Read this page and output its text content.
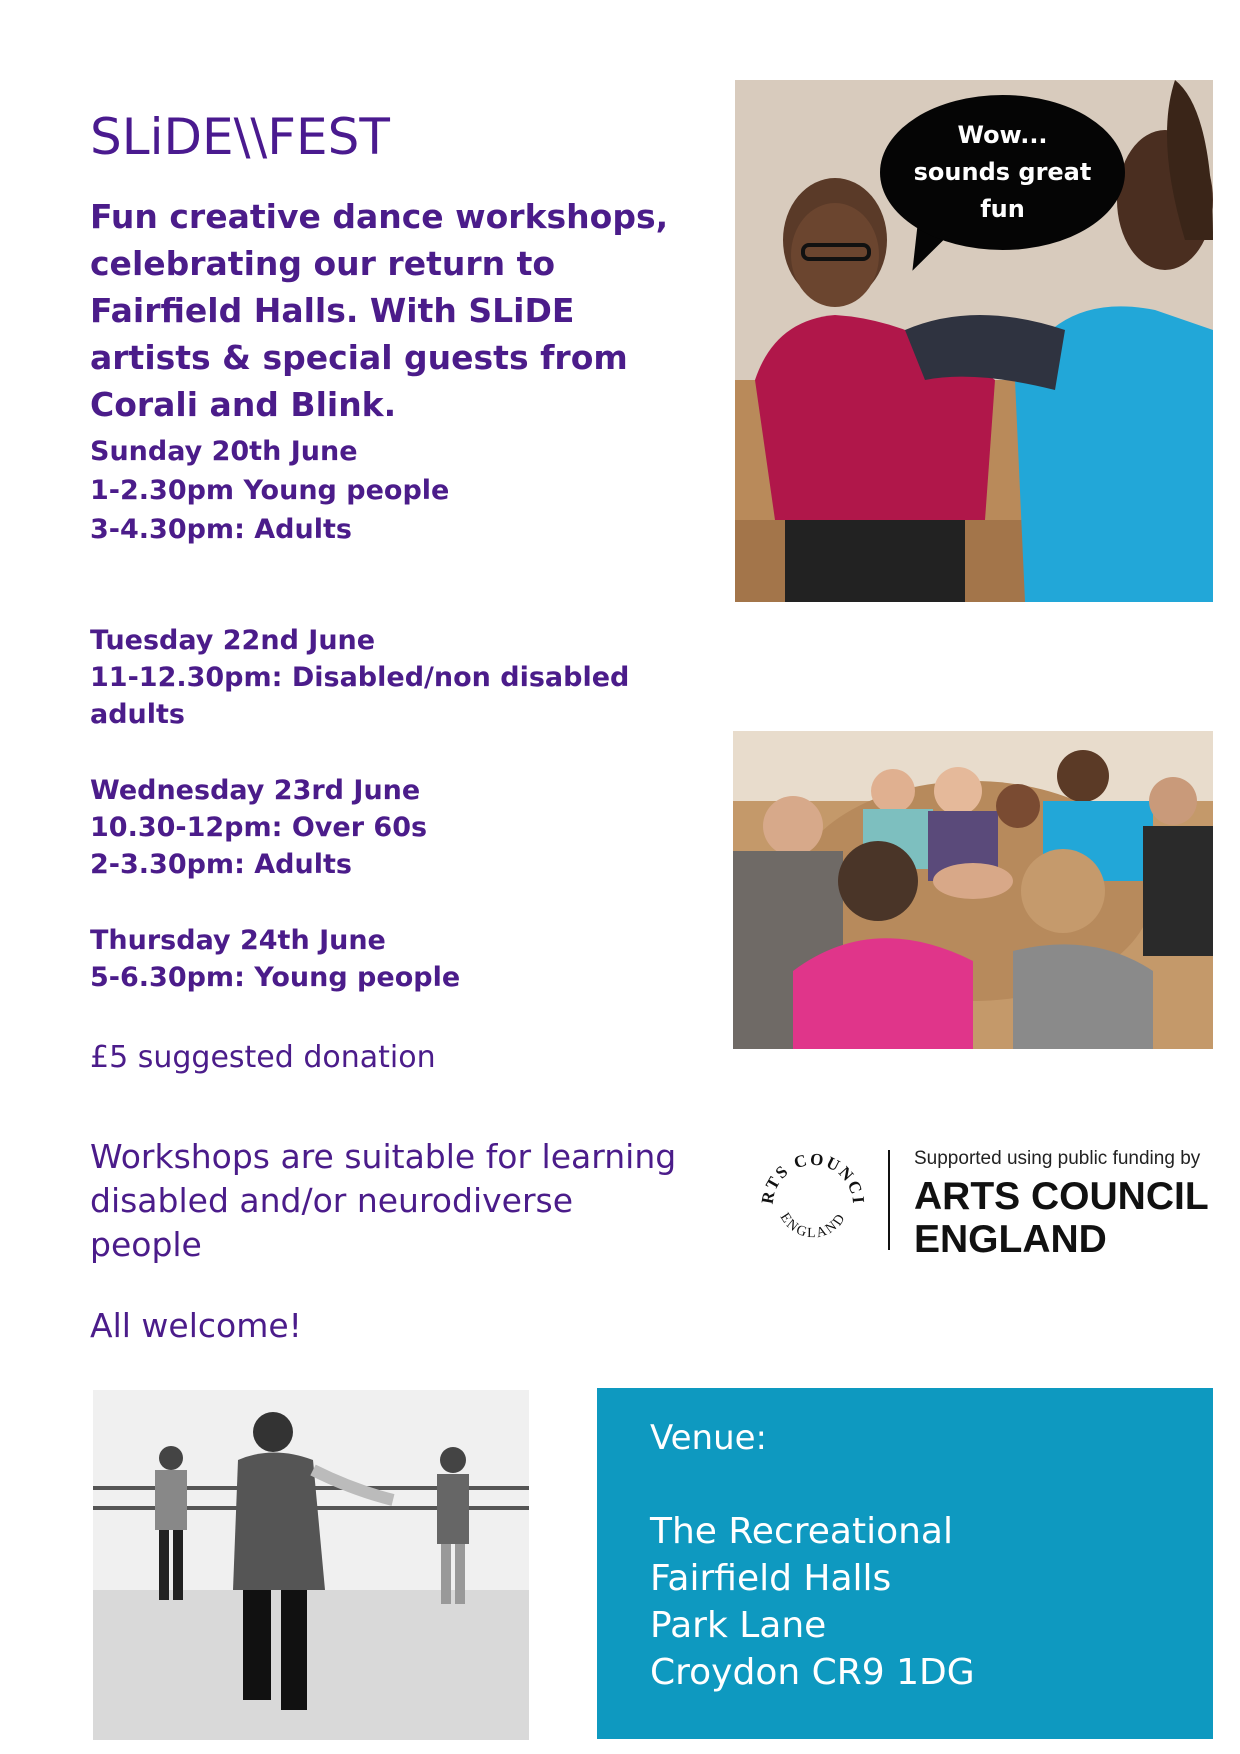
SLiDE\\FEST
Fun creative dance workshops, celebrating our return to Fairfield Halls. With SLiDE artists & special guests from Corali and Blink.
Sunday 20th June
1-2.30pm Young people
3-4.30pm: Adults
Tuesday 22nd June
11-12.30pm: Disabled/non disabled adults
Wednesday 23rd June
10.30-12pm: Over 60s
2-3.30pm: Adults
Thursday 24th June
5-6.30pm: Young people
£5 suggested donation
Workshops are suitable for learning disabled and/or neurodiverse people
All welcome!
Wow...
sounds great
fun
RTS COUNCI
ENGLAND
Supported using public funding by
ARTS COUNCIL
ENGLAND
Venue:
The Recreational
Fairfield Halls
Park Lane
Croydon CR9 1DG
